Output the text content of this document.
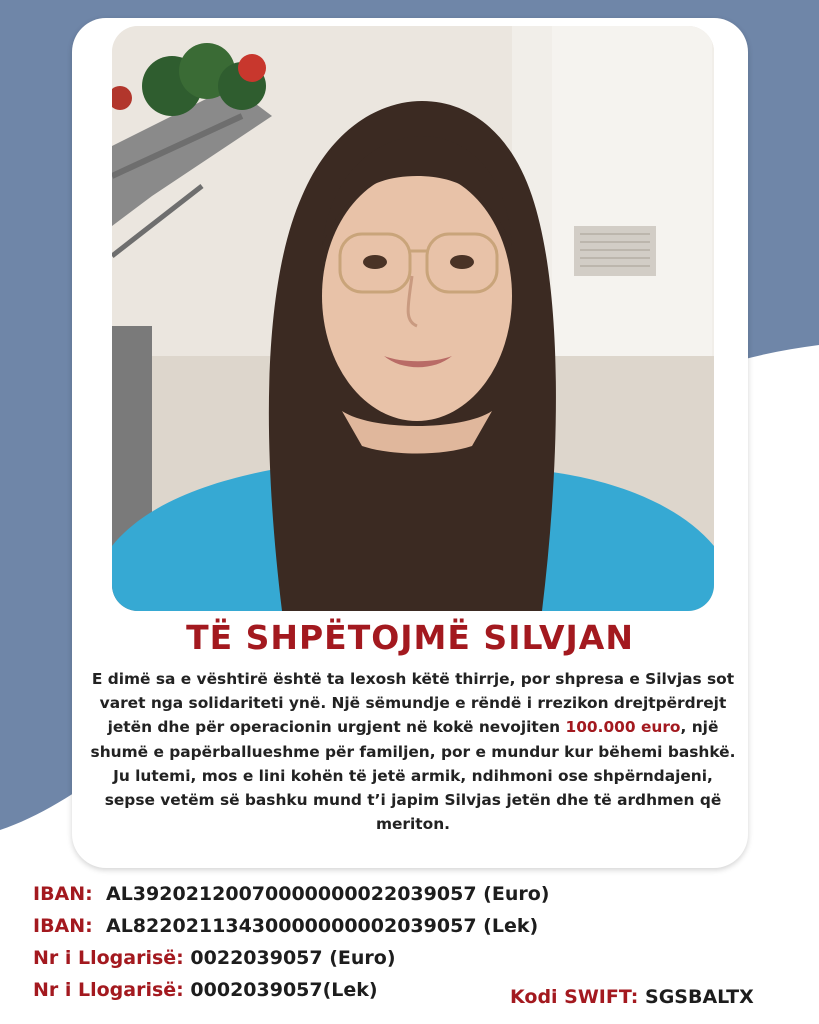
TË SHPËTOJMË SILVJAN
E dimë sa e vështirë është ta lexosh këtë thirrje, por shpresa e Silvjas sot varet nga solidariteti ynë. Një sëmundje e rëndë i rrezikon drejtpërdrejt jetën dhe për operacionin urgjent në kokë nevojiten 100.000 euro, një shumë e papërballueshme për familjen, por e mundur kur bëhemi bashkë. Ju lutemi, mos e lini kohën të jetë armik, ndihmoni ose shpërndajeni, sepse vetëm së bashku mund t’i japim Silvjas jetën dhe të ardhmen që meriton.
IBAN: AL39202120070000000022039057 (Euro)
IBAN: AL82202113430000000002039057 (Lek)
Nr i Llogarisë: 0022039057 (Euro)
Nr i Llogarisë: 0002039057(Lek)	Kodi SWIFT: SGSBALTX
